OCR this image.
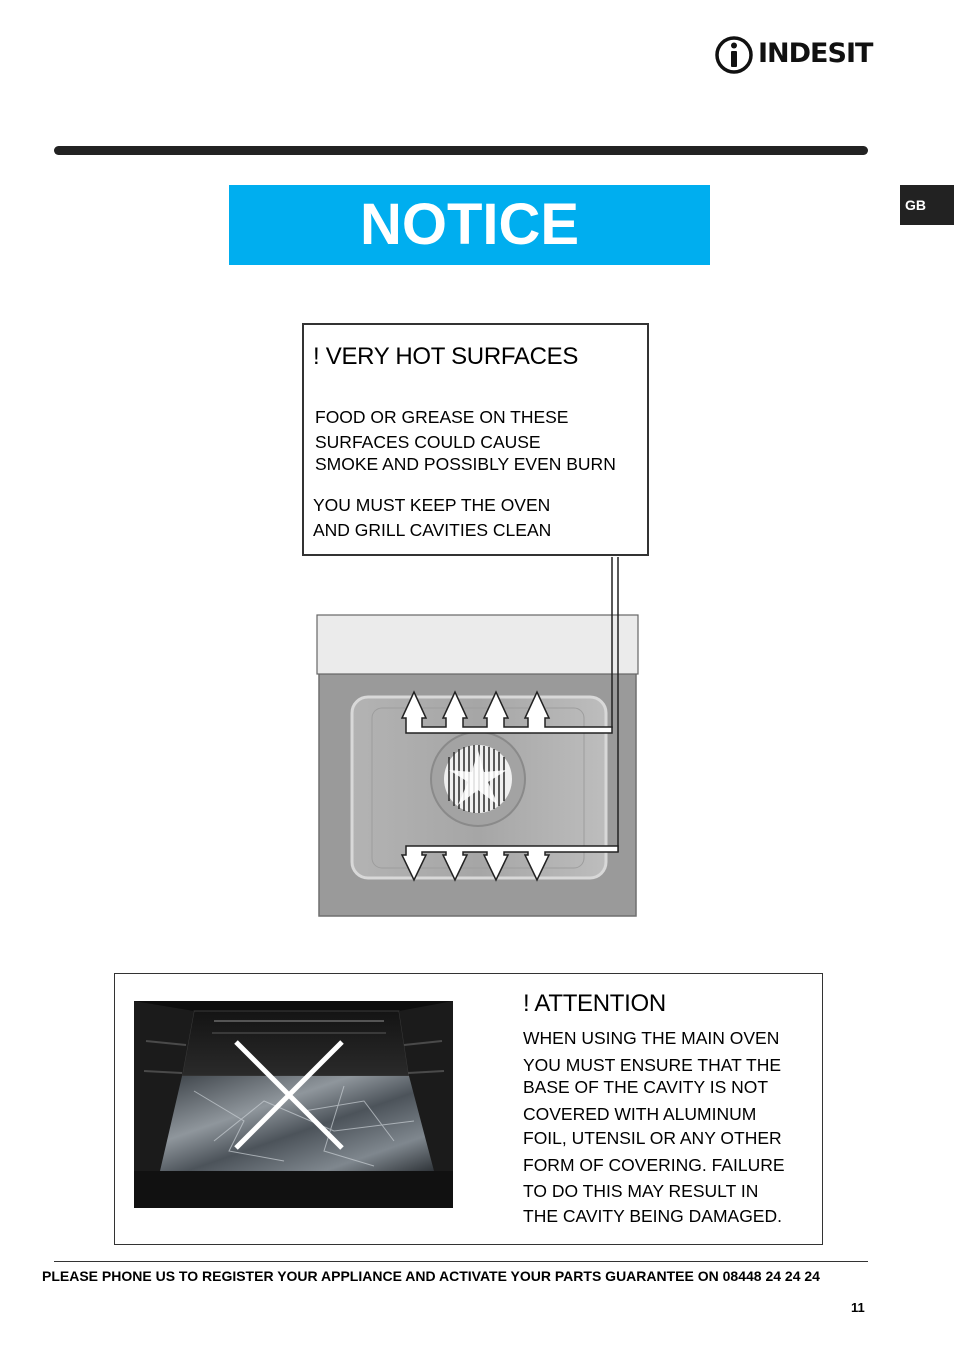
INDESIT
GB
NOTICE
! VERY HOT SURFACES
FOOD OR GREASE ON THESE
SURFACES COULD CAUSE
SMOKE AND POSSIBLY EVEN BURN
YOU MUST KEEP THE OVEN
AND GRILL CAVITIES CLEAN
! ATTENTION
WHEN USING THE MAIN OVEN
YOU MUST ENSURE THAT THE
BASE OF THE CAVITY IS NOT
COVERED WITH ALUMINUM
FOIL, UTENSIL OR ANY OTHER
FORM OF COVERING. FAILURE
TO DO THIS MAY RESULT IN
THE CAVITY BEING DAMAGED.
PLEASE PHONE US TO REGISTER YOUR APPLIANCE AND ACTIVATE YOUR PARTS GUARANTEE ON 08448 24 24 24
11
